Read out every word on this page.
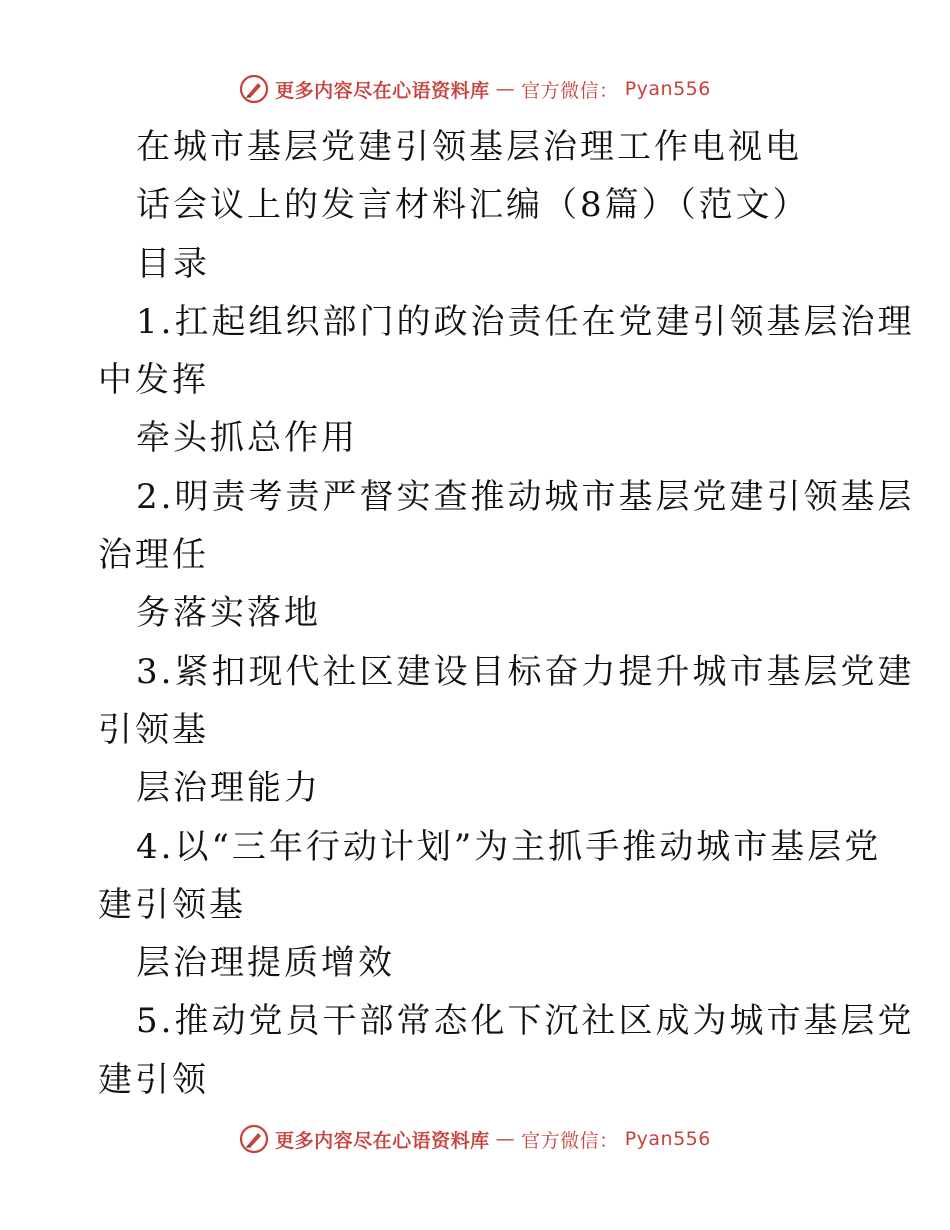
更多内容尽在心语资料库 — 官方微信： Pyan556
在城市基层党建引领基层治理工作电视电
话会议上的发言材料汇编（8篇）（范文）
目录
1.扛起组织部门的政治责任在党建引领基层治理
中发挥
牵头抓总作用
2.明责考责严督实查推动城市基层党建引领基层
治理任
务落实落地
3.紧扣现代社区建设目标奋力提升城市基层党建
引领基
层治理能力
4.以“三年行动计划”为主抓手推动城市基层党
建引领基
层治理提质增效
5.推动党员干部常态化下沉社区成为城市基层党
建引领
更多内容尽在心语资料库 — 官方微信： Pyan556
